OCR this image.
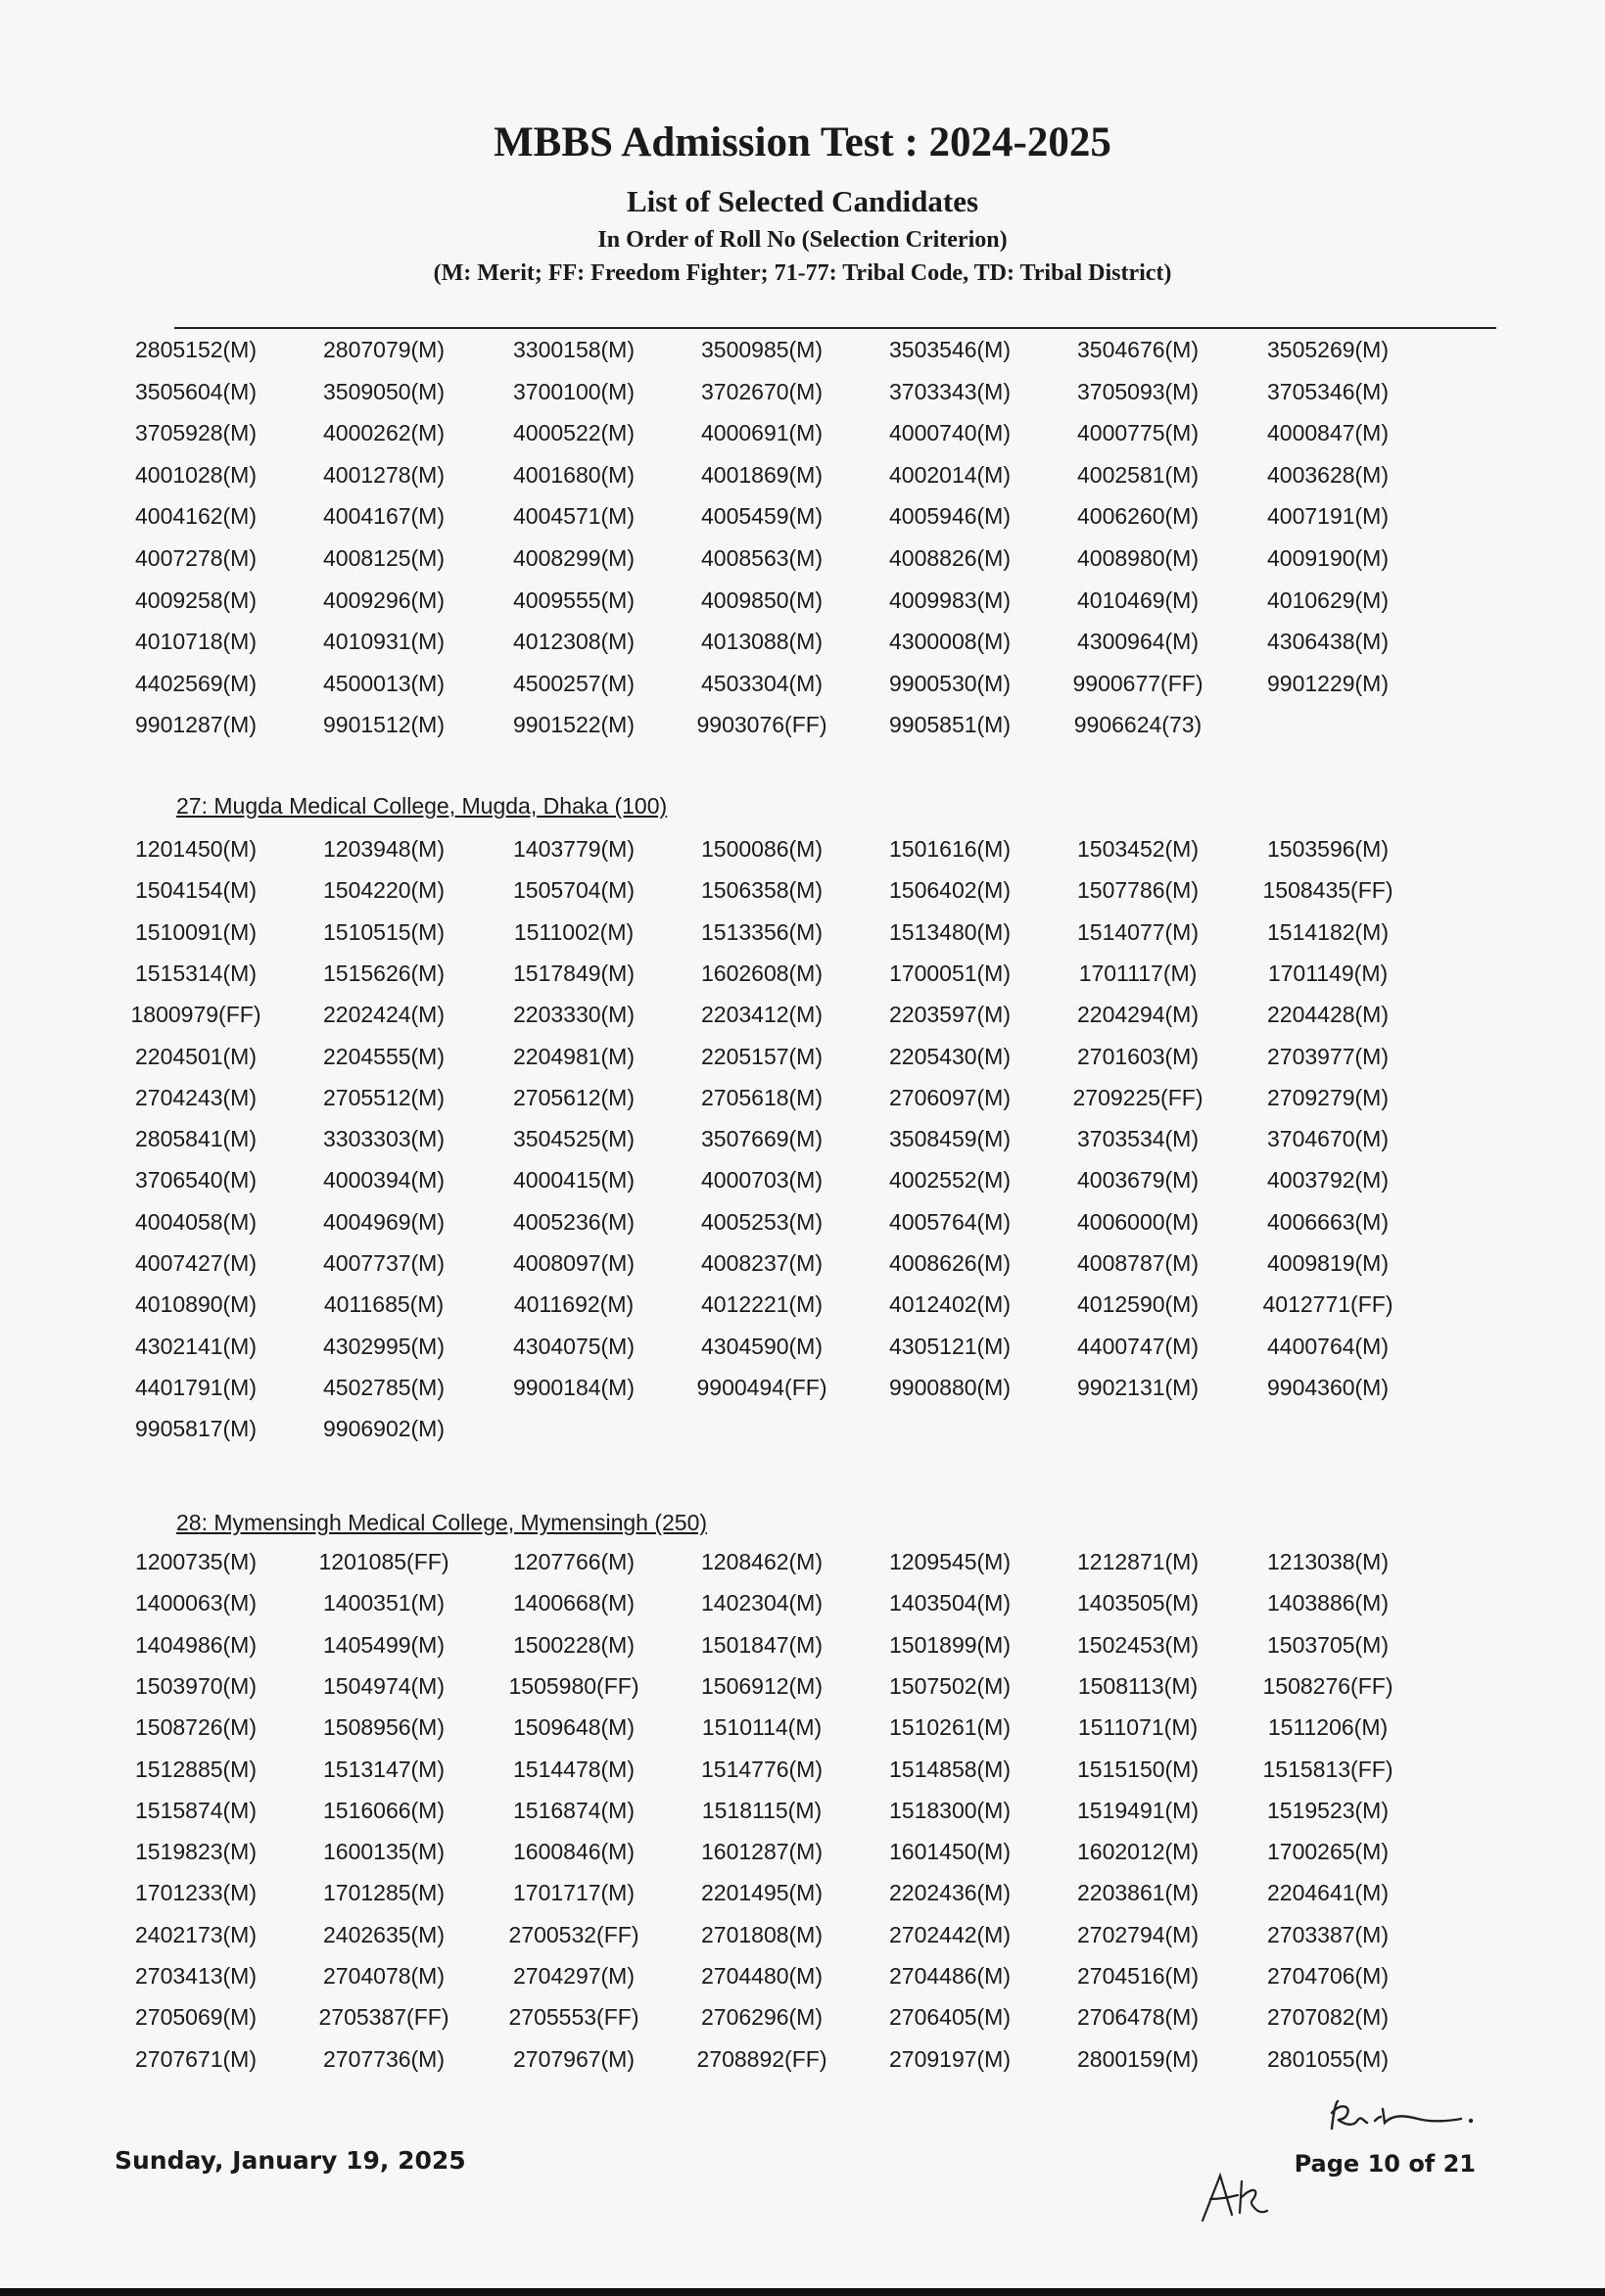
MBBS Admission Test : 2024-2025
List of Selected Candidates
In Order of Roll No (Selection Criterion)
(M: Merit; FF: Freedom Fighter; 71-77: Tribal Code, TD: Tribal District)
2805152(M)	2807079(M)	3300158(M)	3500985(M)	3503546(M)	3504676(M)	3505269(M)
3505604(M)	3509050(M)	3700100(M)	3702670(M)	3703343(M)	3705093(M)	3705346(M)
3705928(M)	4000262(M)	4000522(M)	4000691(M)	4000740(M)	4000775(M)	4000847(M)
4001028(M)	4001278(M)	4001680(M)	4001869(M)	4002014(M)	4002581(M)	4003628(M)
4004162(M)	4004167(M)	4004571(M)	4005459(M)	4005946(M)	4006260(M)	4007191(M)
4007278(M)	4008125(M)	4008299(M)	4008563(M)	4008826(M)	4008980(M)	4009190(M)
4009258(M)	4009296(M)	4009555(M)	4009850(M)	4009983(M)	4010469(M)	4010629(M)
4010718(M)	4010931(M)	4012308(M)	4013088(M)	4300008(M)	4300964(M)	4306438(M)
4402569(M)	4500013(M)	4500257(M)	4503304(M)	9900530(M)	9900677(FF)	9901229(M)
9901287(M)	9901512(M)	9901522(M)	9903076(FF)	9905851(M)	9906624(73)
27: Mugda Medical College, Mugda, Dhaka (100)
1201450(M)	1203948(M)	1403779(M)	1500086(M)	1501616(M)	1503452(M)	1503596(M)
1504154(M)	1504220(M)	1505704(M)	1506358(M)	1506402(M)	1507786(M)	1508435(FF)
1510091(M)	1510515(M)	1511002(M)	1513356(M)	1513480(M)	1514077(M)	1514182(M)
1515314(M)	1515626(M)	1517849(M)	1602608(M)	1700051(M)	1701117(M)	1701149(M)
1800979(FF)	2202424(M)	2203330(M)	2203412(M)	2203597(M)	2204294(M)	2204428(M)
2204501(M)	2204555(M)	2204981(M)	2205157(M)	2205430(M)	2701603(M)	2703977(M)
2704243(M)	2705512(M)	2705612(M)	2705618(M)	2706097(M)	2709225(FF)	2709279(M)
2805841(M)	3303303(M)	3504525(M)	3507669(M)	3508459(M)	3703534(M)	3704670(M)
3706540(M)	4000394(M)	4000415(M)	4000703(M)	4002552(M)	4003679(M)	4003792(M)
4004058(M)	4004969(M)	4005236(M)	4005253(M)	4005764(M)	4006000(M)	4006663(M)
4007427(M)	4007737(M)	4008097(M)	4008237(M)	4008626(M)	4008787(M)	4009819(M)
4010890(M)	4011685(M)	4011692(M)	4012221(M)	4012402(M)	4012590(M)	4012771(FF)
4302141(M)	4302995(M)	4304075(M)	4304590(M)	4305121(M)	4400747(M)	4400764(M)
4401791(M)	4502785(M)	9900184(M)	9900494(FF)	9900880(M)	9902131(M)	9904360(M)
9905817(M)	9906902(M)
28: Mymensingh Medical College, Mymensingh (250)
1200735(M)	1201085(FF)	1207766(M)	1208462(M)	1209545(M)	1212871(M)	1213038(M)
1400063(M)	1400351(M)	1400668(M)	1402304(M)	1403504(M)	1403505(M)	1403886(M)
1404986(M)	1405499(M)	1500228(M)	1501847(M)	1501899(M)	1502453(M)	1503705(M)
1503970(M)	1504974(M)	1505980(FF)	1506912(M)	1507502(M)	1508113(M)	1508276(FF)
1508726(M)	1508956(M)	1509648(M)	1510114(M)	1510261(M)	1511071(M)	1511206(M)
1512885(M)	1513147(M)	1514478(M)	1514776(M)	1514858(M)	1515150(M)	1515813(FF)
1515874(M)	1516066(M)	1516874(M)	1518115(M)	1518300(M)	1519491(M)	1519523(M)
1519823(M)	1600135(M)	1600846(M)	1601287(M)	1601450(M)	1602012(M)	1700265(M)
1701233(M)	1701285(M)	1701717(M)	2201495(M)	2202436(M)	2203861(M)	2204641(M)
2402173(M)	2402635(M)	2700532(FF)	2701808(M)	2702442(M)	2702794(M)	2703387(M)
2703413(M)	2704078(M)	2704297(M)	2704480(M)	2704486(M)	2704516(M)	2704706(M)
2705069(M)	2705387(FF)	2705553(FF)	2706296(M)	2706405(M)	2706478(M)	2707082(M)
2707671(M)	2707736(M)	2707967(M)	2708892(FF)	2709197(M)	2800159(M)	2801055(M)
Sunday, January 19, 2025	Page 10 of 21
